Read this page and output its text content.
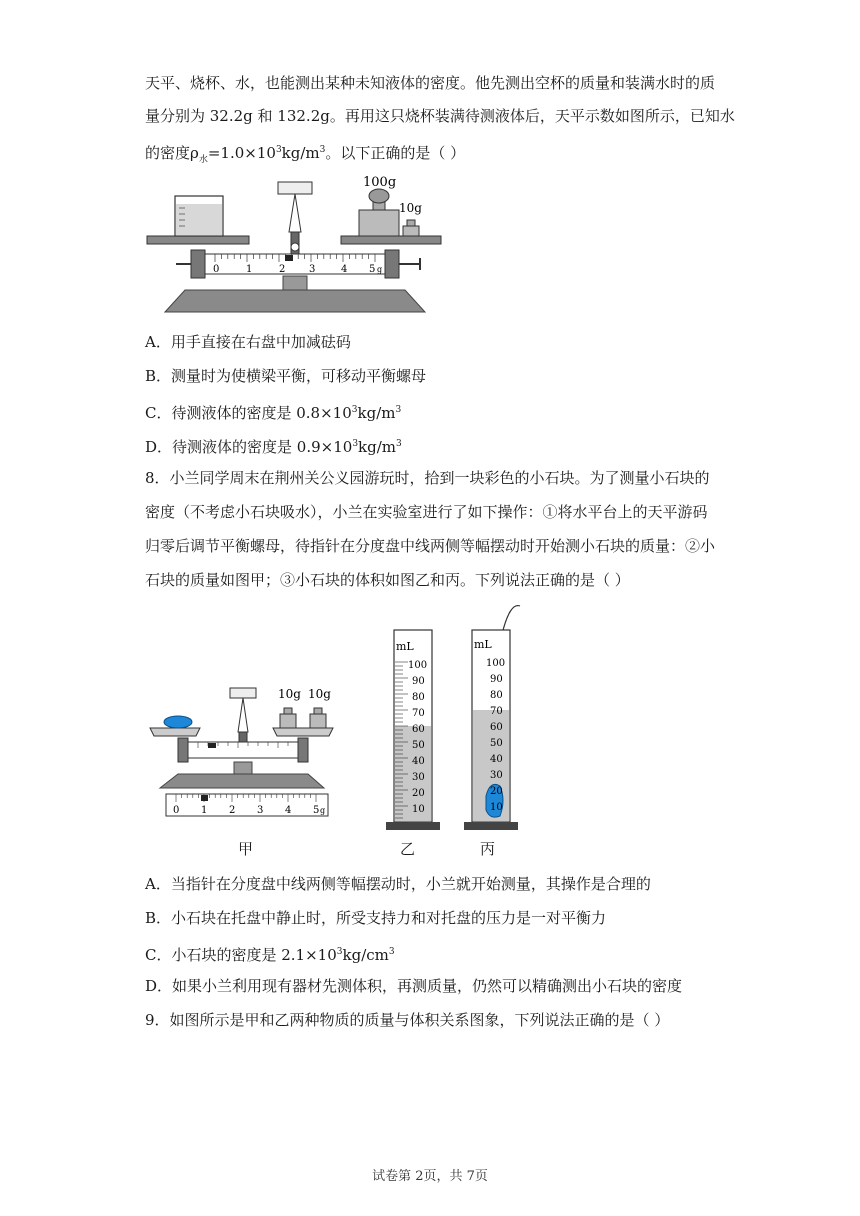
天平、烧杯、水，也能测出某种未知液体的密度。他先测出空杯的质量和装满水时的质
量分别为 32.2g 和 132.2g。再用这只烧杯装满待测液体后，天平示数如图所示，已知水
的密度$\rho_水=1.0\times 10^3kg/m^3$。以下正确的是（ ）
100g
10g
0	1	2 3	4 5 g
A．用手直接在右盘中加减砝码
B．测量时为使横梁平衡，可移动平衡螺母
C．待测液体的密度是 $0.8\times 10^3kg/m^3$
D．待测液体的密度是 $0.9\times 10^3kg/m^3$
8．小兰同学周末在荆州关公义园游玩时，拾到一块彩色的小石块。为了测量小石块的
密度（不考虑小石块吸水），小兰在实验室进行了如下操作：①将水平台上的天平游码
归零后调节平衡螺母，待指针在分度盘中线两侧等幅摆动时开始测小石块的质量：②小
石块的质量如图甲；③小石块的体积如图乙和丙。下列说法正确的是（ ）
10g 10g
0 1 2 3 4 5 g
mL
100
90
80
70
60
50
40
30
20
10
mL
100
90
80
70
60
50
40
30
20
10
甲	乙	丙
A．当指针在分度盘中线两侧等幅摆动时，小兰就开始测量，其操作是合理的
B．小石块在托盘中静止时，所受支持力和对托盘的压力是一对平衡力
C．小石块的密度是 $2.1\times 10^3kg/cm^3$
D．如果小兰利用现有器材先测体积，再测质量，仍然可以精确测出小石块的密度
9．如图所示是甲和乙两种物质的质量与体积关系图象，下列说法正确的是（ ）
试卷第 2页，共 7页
